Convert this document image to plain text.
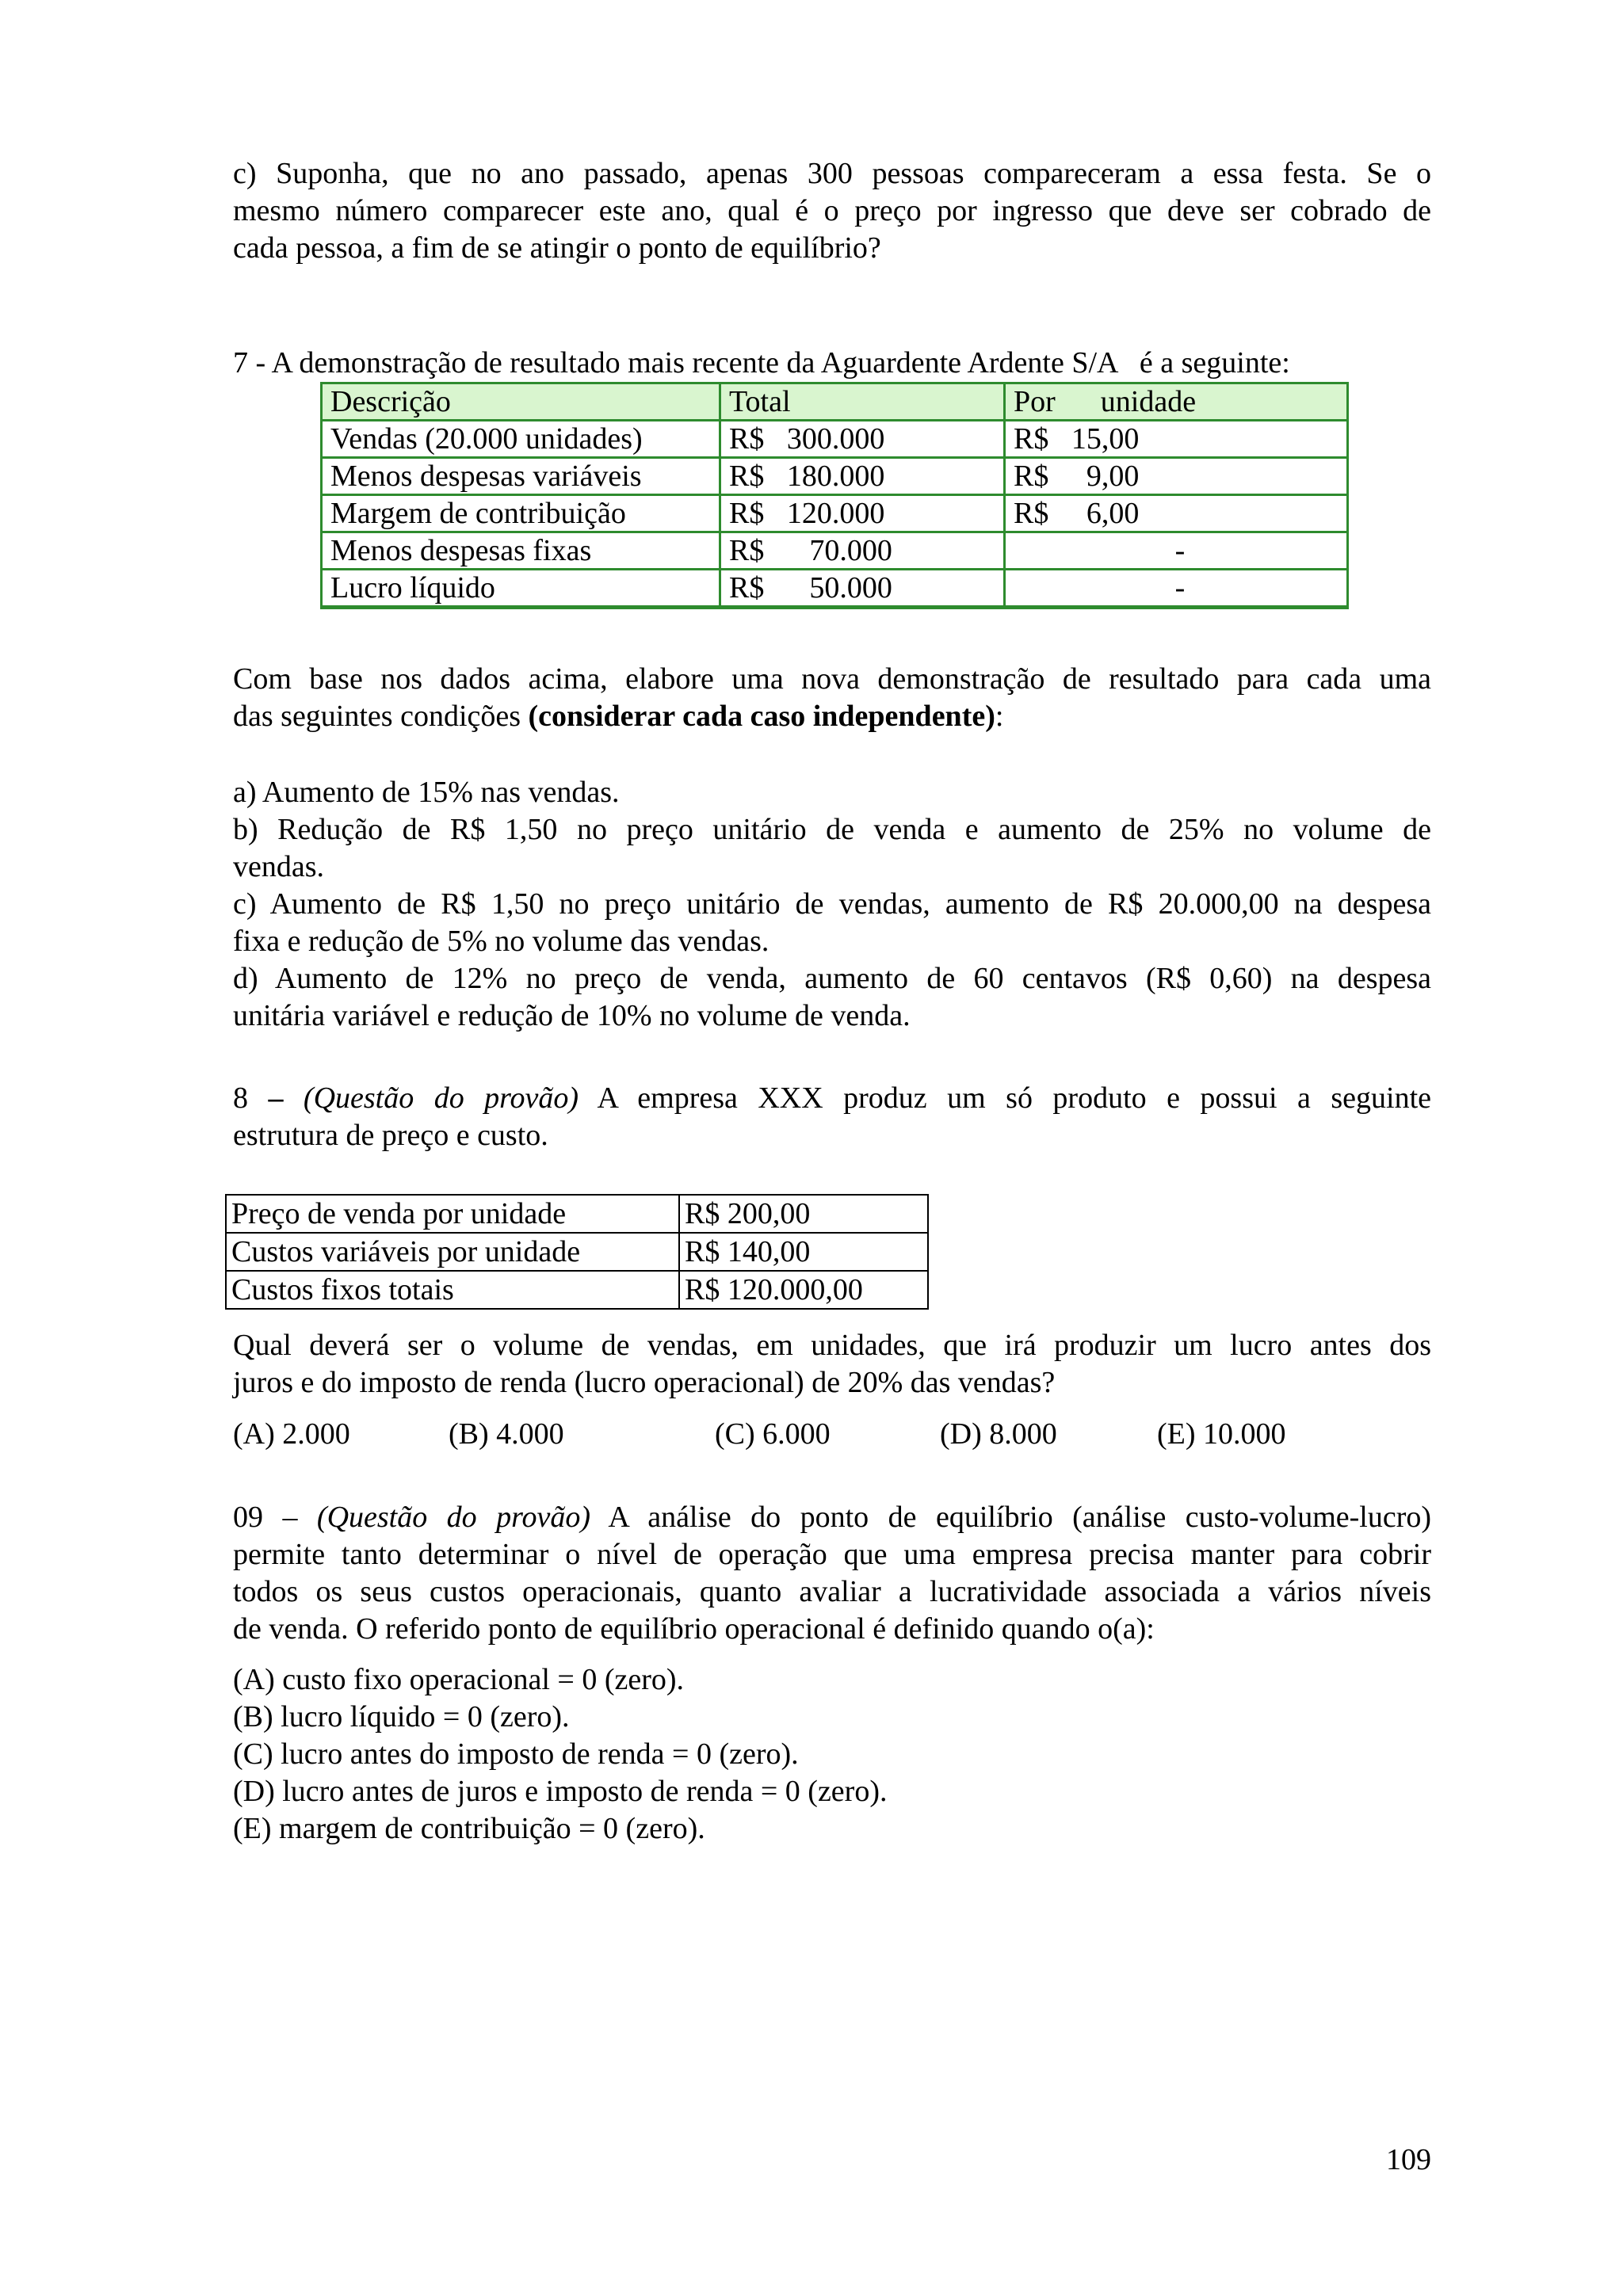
c) Suponha, que no ano passado, apenas 300 pessoas compareceram a essa festa. Se o
mesmo número comparecer este ano, qual é o preço por ingresso que deve ser cobrado de
cada pessoa, a fim de se atingir o ponto de equilíbrio?
7 - A demonstração de resultado mais recente da Aguardente Ardente S/A   é a seguinte:
Descrição	Total	Por      unidade
Vendas (20.000 unidades)	R$   300.000	R$   15,00
Menos despesas variáveis	R$   180.000	R$     9,00
Margem de contribuição	R$   120.000	R$     6,00
Menos despesas fixas	R$      70.000	-
Lucro líquido	R$      50.000	-
Com base nos dados acima, elabore uma nova demonstração de resultado para cada uma
das seguintes condições (considerar cada caso independente):
a) Aumento de 15% nas vendas.
b) Redução de R$ 1,50 no preço unitário de venda e aumento de 25% no volume de
vendas.
c) Aumento de R$ 1,50 no preço unitário de vendas, aumento de R$ 20.000,00 na despesa
fixa e redução de 5% no volume das vendas.
d) Aumento de 12% no preço de venda, aumento de 60 centavos (R$ 0,60) na despesa
unitária variável e redução de 10% no volume de venda.
8 – (Questão do provão) A empresa XXX produz um só produto e possui a seguinte
estrutura de preço e custo.
Preço de venda por unidade	R$ 200,00
Custos variáveis por unidade	R$ 140,00
Custos fixos totais	R$ 120.000,00
Qual deverá ser o volume de vendas, em unidades, que irá produzir um lucro antes dos
juros e do imposto de renda (lucro operacional) de 20% das vendas?
(A) 2.000	(B) 4.000	(C) 6.000	(D) 8.000	(E) 10.000
09 – (Questão do provão) A análise do ponto de equilíbrio (análise custo-volume-lucro)
permite tanto determinar o nível de operação que uma empresa precisa manter para cobrir
todos os seus custos operacionais, quanto avaliar a lucratividade associada a vários níveis
de venda. O referido ponto de equilíbrio operacional é definido quando o(a):
(A) custo fixo operacional = 0 (zero).
(B) lucro líquido = 0 (zero).
(C) lucro antes do imposto de renda = 0 (zero).
(D) lucro antes de juros e imposto de renda = 0 (zero).
(E) margem de contribuição = 0 (zero).
109
